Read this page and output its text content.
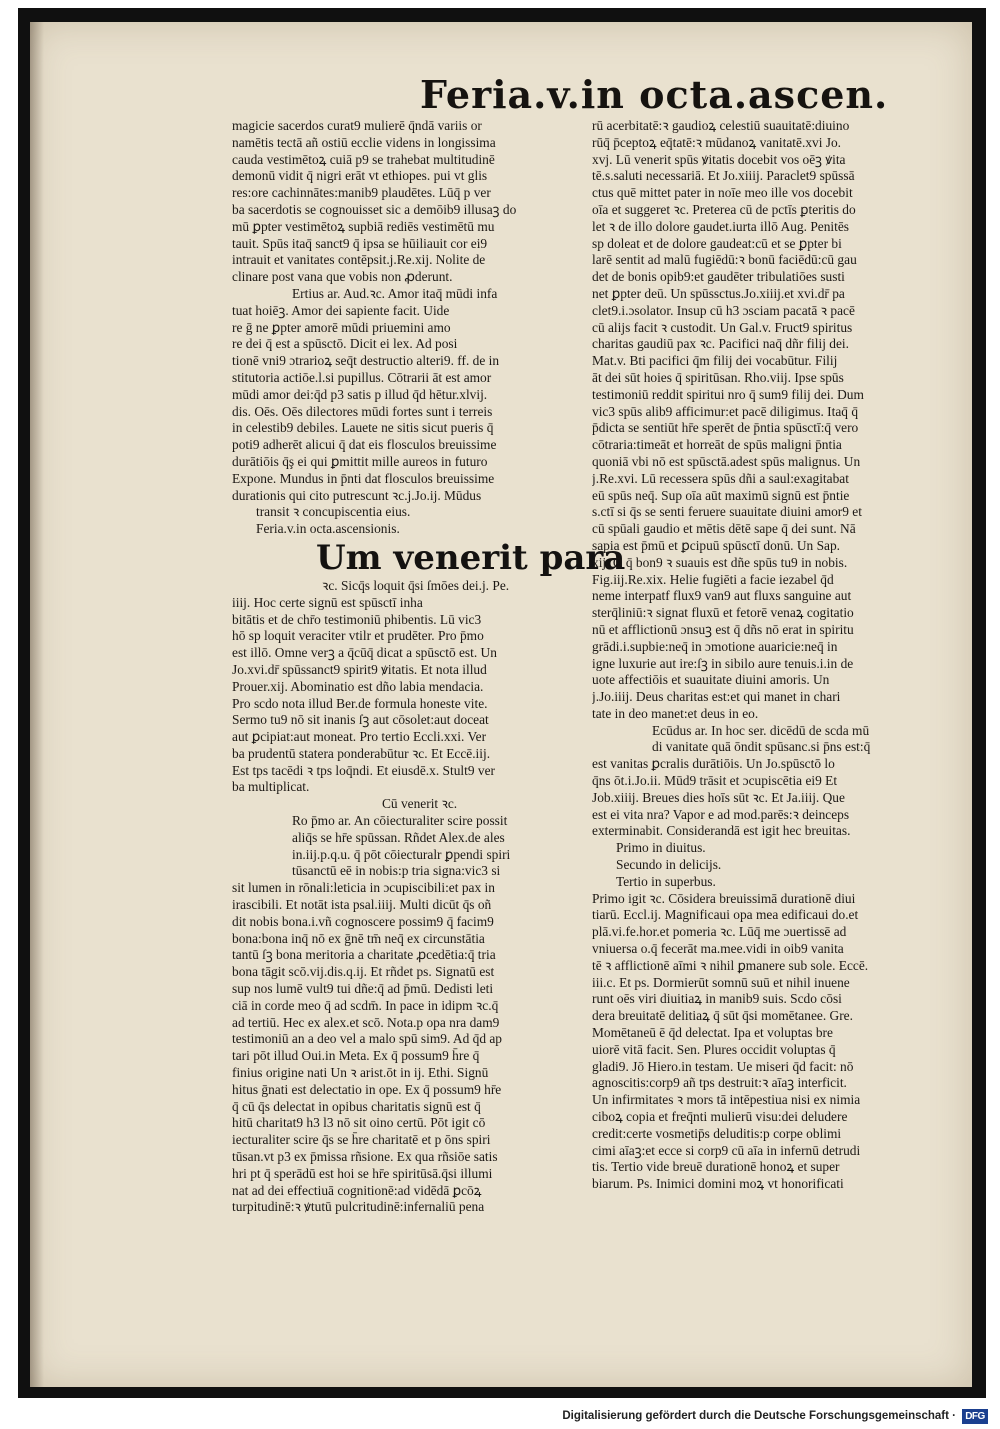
Feria.v.in octa.ascen.
magicie sacerdos curat9 mulierē q̄ndā variis or
namētis tectā añ ostiū ecclie videns in longissima
cauda vestimētoꝝ cuiā p9 se trahebat multitudinē
demonū vidit q̄ nigri erāt vt ethiopes. pui vt glis
res:ore cachinnātes:manib9 plaudētes. Lūq̄ p ver
ba sacerdotis se cognouisset sic a demōib9 illusaꝫ do
mū ꝑpter vestimētoꝝ supbiā rediēs vestimētū mu
tauit. Spūs itaq̄ sanct9 q̄ ipsa se hūiliauit cor ei9
intrauit et vanitates contēpsit.j.Re.xij. Nolite de
clinare post vana que vobis non ꝓderunt.
Ertius ar. Aud.ꝛc. Amor itaq̄ mūdi infa
tuat hoiēꝫ. Amor dei sapiente facit. Uide
re ḡ ne ꝑpter amorē mūdi priuemini amo
re dei q̄ est a spūsctō. Dicit ei lex. Ad posi
tionē vni9 ɔtrarioꝝ seq̄t destructio alteri9. ff. de in
stitutoria actiōe.l.si pupillus. Cōtrarii āt est amor
mūdi amor dei:q̄d p3 satis p illud q̄d hētur.xlvij.
dis. Oēs. Oēs dilectores mūdi fortes sunt i terreis
in celestib9 debiles. Lauete ne sitis sicut pueris q̄
poti9 adherēt alicui q̄ dat eis flosculos breuissime
durātiōis q̄ş ei qui ꝑmittit mille aureos in futuro
Expone. Mundus in p̄nti dat flosculos breuissime
durationis qui cito putrescunt ꝛc.j.Jo.ij. Mūdus
transit ꝛ concupiscentia eius.
Feria.v.in octa.ascensionis.
Um venerit para
ꝛc. Sicq̄s loquit q̄si ſmōes dei.j. Pe.
iiij. Hoc certe signū est spūsctī inha
bitātis et de chr̄o testimoniū phibentis. Lū vic3
hō sp loquit veraciter vtilr et prudēter. Pro p̄mo
est illō. Omne verꝫ a q̄cūq̄ dicat a spūsctō est. Un
Jo.xvi.dr̄ spūssanct9 spirit9 ꝟitatis. Et nota illud
Prouer.xij. Abominatio est dño labia mendacia.
Pro scdo nota illud Ber.de formula honeste vite.
Sermo tu9 nō sit inanis ſꝫ aut cōsolet:aut doceat
aut ꝑcipiat:aut moneat. Pro tertio Eccli.xxi. Ver
ba prudentū statera ponderabūtur ꝛc. Et Eccē.iij.
Est tps tacēdi ꝛ tps loq̄ndi. Et eiusdē.x. Stult9 ver
ba multiplicat.
Cū venerit ꝛc.
Ro p̄mo ar. An cōiecturaliter scire possit
aliq̄s se hr̄e spūssan. Rñdet Alex.de ales
in.iij.p.q.u. q̄ pōt cōiecturalr ꝑpendi spiri
tūsanctū eē in nobis:p tria signa:vic3 si
sit lumen in rōnali:leticia in ɔcupiscibili:et pax in
irascibili. Et notāt ista psal.iiij. Multi dicūt q̄s oñ
dit nobis bona.i.vñ cognoscere possim9 q̄ facim9
bona:bona inq̄ nō ex ḡnē tm̄ neq̄ ex circunstātia
tantū ſꝫ bona meritoria a charitate ꝓcedētia:q̄ tria
bona tāgit scō.vij.dis.q.ij. Et rñdet ps. Signatū est
sup nos lumē vult9 tui dñe:q̄ ad p̄mū. Dedisti leti
ciā in corde meo q̄ ad scdm̄. In pace in idipm ꝛc.q̄
ad tertiū. Hec ex alex.et scō. Nota.p opa nra dam9
testimoniū an a deo vel a malo spū sim9. Ad q̄d ap
tari pōt illud Oui.in Meta. Ex q̄ possum9 h̄re q̄
finius origine nati Un ꝛ arist.ōt in ij. Ethi. Signū
hitus ḡnati est delectatio in ope. Ex q̄ possum9 hr̄e
q̄ cū q̄s delectat in opibus charitatis signū est q̄
hitū charitat9 h3 l3 nō sit oino certū. Pōt igit cō
iecturaliter scire q̄s se h̄re charitatē et p ōns spiri
tūsan.vt p3 ex p̄missa rñsione. Ex qua rñsiōe satis
hri pt q̄ sperādū est hoi se hr̄e spiritūsā.q̄si illumi
nat ad dei effectiuā cognitionē:ad vidēdā ꝑcōꝝ
turpitudinē:ꝛ ꝟtutū pulcritudinē:infernaliū pena
rū acerbitatē:ꝛ gaudioꝝ celestiū suauitatē:diuino
rūq̄ p̄ceptoꝝ eq̄tatē:ꝛ mūdanoꝝ vanitatē.xvi Jo.
xvj. Lū venerit spūs ꝟitatis docebit vos oēꝫ ꝟita
tē.s.saluti necessariā. Et Jo.xiiij. Paraclet9 spūssā
ctus quē mittet pater in noīe meo ille vos docebit
oīa et suggeret ꝛc. Preterea cū de pctīs ꝑteritis do
let ꝛ de illo dolore gaudet.iurta illō Aug. Penitēs
sp doleat et de dolore gaudeat:cū et se ꝑpter bi
larē sentit ad malū fugiēdū:ꝛ bonū faciēdū:cū gau
det de bonis opib9:et gaudēter tribulatiōes susti
net ꝑpter deū. Un spūssctus.Jo.xiiij.et xvi.dr̄ pa
clet9.i.ɔsolator. Insup cū h3 ɔsciam pacatā ꝛ pacē
cū alijs facit ꝛ custodit. Un Gal.v. Fruct9 spiritus
charitas gaudiū pax ꝛc. Pacifici naq̄ dñr filij dei.
Mat.v. Bti pacifici q̄m filij dei vocabūtur. Filij
āt dei sūt hoies q̄ spiritūsan. Rho.viij. Ipse spūs
testimoniū reddit spiritui nro q̄ sum9 filij dei. Dum
vic3 spūs alib9 afficimur:et pacē diligimus. Itaq̄ q̄
p̄dicta se sentiūt hr̄e sperēt de p̄ntia spūsctī:q̄ vero
cōtraria:timeāt et horreāt de spūs maligni p̄ntia
quoniā vbi nō est spūsctā.adest spūs malignus. Un
j.Re.xvi. Lū recessera spūs dñi a saul:exagitabat
eū spūs neq̄. Sup oīa aūt maximū signū est p̄ntie
s.ctī si q̄s se senti feruere suauitate diuini amor9 et
cū spūali gaudio et mētis dētē sape q̄ dei sunt. Nā
sapia est p̄mū et ꝑcipuū spūsctī donū. Un Sap.
xij. O q̄ bon9 ꝛ suauis est dñe spūs tu9 in nobis.
Fig.iij.Re.xix. Helie fugiēti a facie iezabel q̄d
neme interpatf flux9 van9 aut fluxs sanguine aut
sterq̄liniū:ꝛ signat fluxū et fetorē venaꝝ cogitatio
nū et afflictionū ɔnsuꝫ est q̄ dñs nō erat in spiritu
grādi.i.supbie:neq̄ in ɔmotione auaricie:neq̄ in
igne luxurie aut ire:ſꝫ in sibilo aure tenuis.i.in de
uote affectiōis et suauitate diuini amoris. Un
j.Jo.iiij. Deus charitas est:et qui manet in chari
tate in deo manet:et deus in eo.
Ecūdus ar. In hoc ser. dicēdū de scda mū
di vanitate quā ōndit spūsanc.si p̄ns est:q̄
est vanitas ꝑcralis durātiōis. Un Jo.spūsctō lo
q̄ns ōt.i.Jo.ii. Mūd9 trāsit et ɔcupiscētia ei9 Et
Job.xiiij. Breues dies hoīs sūt ꝛc. Et Ja.iiij. Que
est ei vita nra? Vapor e ad mod.parēs:ꝛ deinceps
exterminabit. Considerandā est igit hec breuitas.
Primo in diuitus.
Secundo in delicijs.
Tertio in superbus.
Primo igit ꝛc. Cōsidera breuissimā durationē diui
tiarū. Eccl.ij. Magnificaui opa mea edificaui do.et
plā.vi.fe.hor.et pomeria ꝛc. Lūq̄ me ɔuertissē ad
vniuersa o.q̄ fecerāt ma.mee.vidi in oib9 vanita
tē ꝛ afflictionē aīmi ꝛ nihil ꝑmanere sub sole. Eccē.
iii.c. Et ps. Dormierūt somnū suū et nihil inuene
runt oēs viri diuitiaꝝ in manib9 suis. Scdo cōsi
dera breuitatē delitiaꝝ q̄ sūt q̄si momētanee. Gre.
Momētaneū ē q̄d delectat. Ipa et voluptas bre
uiorē vitā facit. Sen. Plures occidit voluptas q̄
gladi9. Jō Hiero.in testam. Ue miseri q̄d facit: nō
agnoscitis:corp9 añ tps destruit:ꝛ aīaꝫ interficit.
Un infirmitates ꝛ mors tā intēpestiua nisi ex nimia
ciboꝝ copia et freq̄nti mulierū visu:dei deludere
credit:certe vosmetip̄s deluditis:p corpe oblimi
cimi aīaꝫ:et ecce si corp9 cū aīa in infernū detrudi
tis. Tertio vide breuē durationē honoꝝ et super
biarum. Ps. Inimici domini moꝝ vt honorificati
Digitalisierung gefördert durch die Deutsche Forschungsgemeinschaft · DFG
